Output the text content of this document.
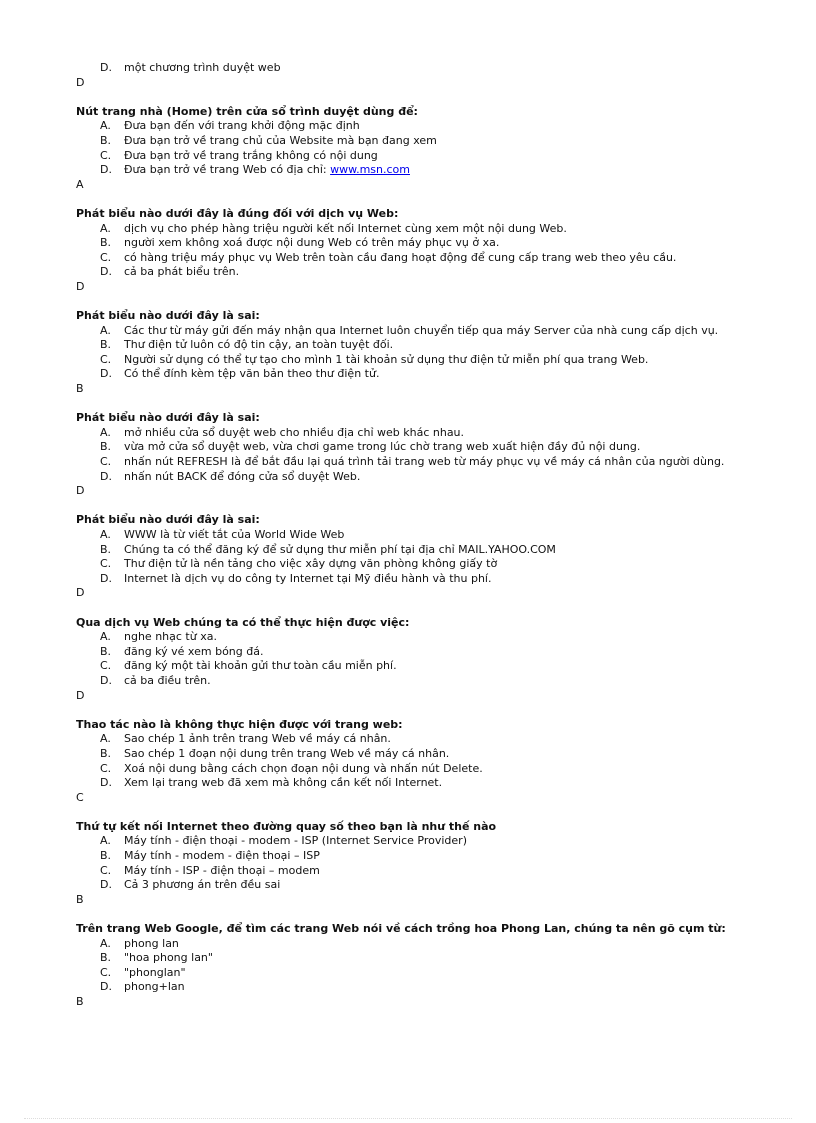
D. một chương trình duyệt web
D
Nút trang nhà (Home) trên cửa sổ trình duyệt dùng để:
A. Đưa bạn đến với trang khởi động mặc định
B. Đưa bạn trở về trang chủ của Website mà bạn đang xem
C. Đưa bạn trở về trang trắng không có nội dung
D. Đưa bạn trở về trang Web có địa chỉ: www.msn.com
A
Phát biểu nào dưới đây là đúng đối với dịch vụ Web:
A. dịch vụ cho phép hàng triệu người kết nối Internet cùng xem một nội dung Web.
B. người xem không xoá được nội dung Web có trên máy phục vụ ở xa.
C. có hàng triệu máy phục vụ Web trên toàn cầu đang hoạt động để cung cấp trang web theo yêu cầu.
D. cả ba phát biểu trên.
D
Phát biểu nào dưới đây là sai:
A. Các thư từ máy gửi đến máy nhận qua Internet luôn chuyển tiếp qua máy Server của nhà cung cấp dịch vụ.
B. Thư điện tử luôn có độ tin cậy, an toàn tuyệt đối.
C. Người sử dụng có thể tự tạo cho mình 1 tài khoản sử dụng thư điện tử miễn phí qua trang Web.
D. Có thể đính kèm tệp văn bản theo thư điện tử.
B
Phát biểu nào dưới đây là sai:
A. mở nhiều cửa sổ duyệt web cho nhiều địa chỉ web khác nhau.
B. vừa mở cửa sổ duyệt web, vừa chơi game trong lúc chờ trang web xuất hiện đầy đủ nội dung.
C. nhấn nút REFRESH là để bắt đầu lại quá trình tải trang web từ máy phục vụ về máy cá nhân của người dùng.
D. nhấn nút BACK để đóng cửa sổ duyệt Web.
D
Phát biểu nào dưới đây là sai:
A. WWW là từ viết tắt của World Wide Web
B. Chúng ta có thể đăng ký để sử dụng thư miễn phí tại địa chỉ MAIL.YAHOO.COM
C. Thư điện tử là nền tảng cho việc xây dựng văn phòng không giấy tờ
D. Internet là dịch vụ do công ty Internet tại Mỹ điều hành và thu phí.
D
Qua dịch vụ Web chúng ta có thể thực hiện được việc:
A. nghe nhạc từ xa.
B. đăng ký vé xem bóng đá.
C. đăng ký một tài khoản gửi thư toàn cầu miễn phí.
D. cả ba điều trên.
D
Thao tác nào là không thực hiện được với trang web:
A. Sao chép 1 ảnh trên trang Web về máy cá nhân.
B. Sao chép 1 đoạn nội dung trên trang Web về máy cá nhân.
C. Xoá nội dung bằng cách chọn đoạn nội dung và nhấn nút Delete.
D. Xem lại trang web đã xem mà không cần kết nối Internet.
C
Thứ tự kết nối Internet theo đường quay số theo bạn là như thế nào
A. Máy tính - điện thoại - modem - ISP (Internet Service Provider)
B. Máy tính - modem - điện thoại – ISP
C. Máy tính - ISP - điện thoại – modem
D. Cả 3 phương án trên đều sai
B
Trên trang Web Google, để tìm các trang Web nói về cách trồng hoa Phong Lan, chúng ta nên gõ cụm từ:
A. phong lan
B. "hoa phong lan"
C. "phonglan"
D. phong+lan
B
